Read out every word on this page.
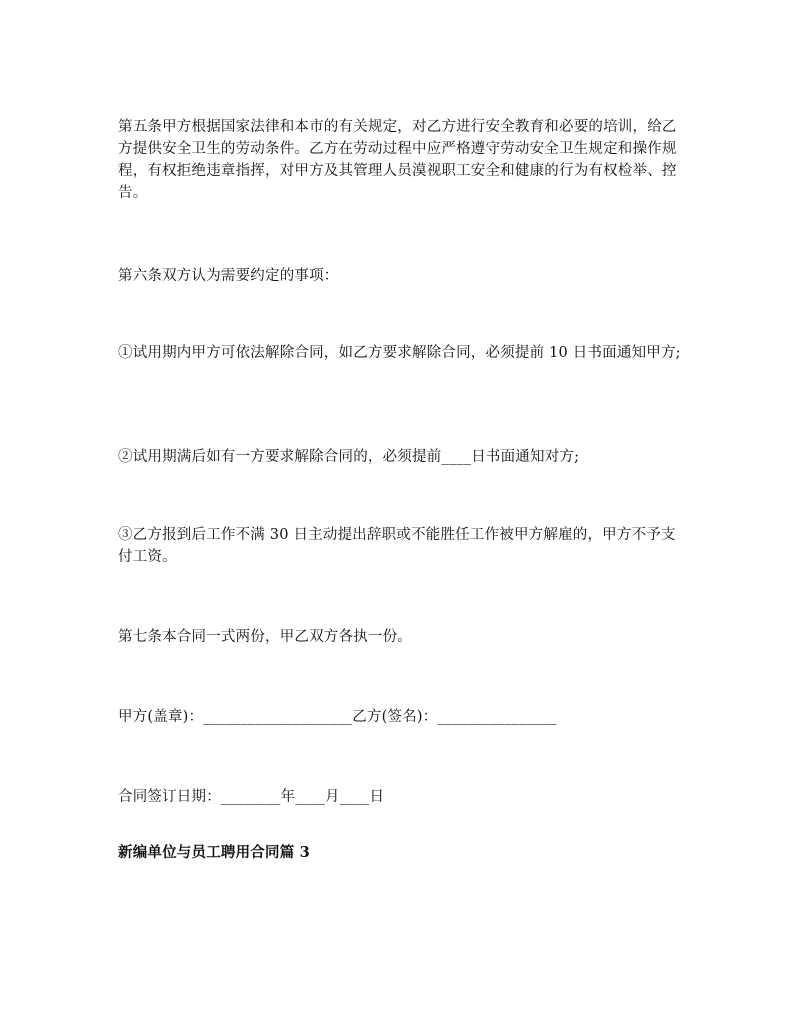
第五条甲方根据国家法律和本市的有关规定，对乙方进行安全教育和必要的培训，给乙方提供安全卫生的劳动条件。乙方在劳动过程中应严格遵守劳动安全卫生规定和操作规程，有权拒绝违章指挥，对甲方及其管理人员漠视职工安全和健康的行为有权检举、控告。

第六条双方认为需要约定的事项：

①试用期内甲方可依法解除合同，如乙方要求解除合同，必须提前 10 日书面通知甲方;

②试用期满后如有一方要求解除合同的，必须提前____日书面通知对方;

③乙方报到后工作不满 30 日主动提出辞职或不能胜任工作被甲方解雇的，甲方不予支付工资。

第七条本合同一式两份，甲乙双方各执一份。

甲方(盖章)：____________________乙方(签名)：________________

合同签订日期：________年____月____日

新编单位与员工聘用合同篇 3
